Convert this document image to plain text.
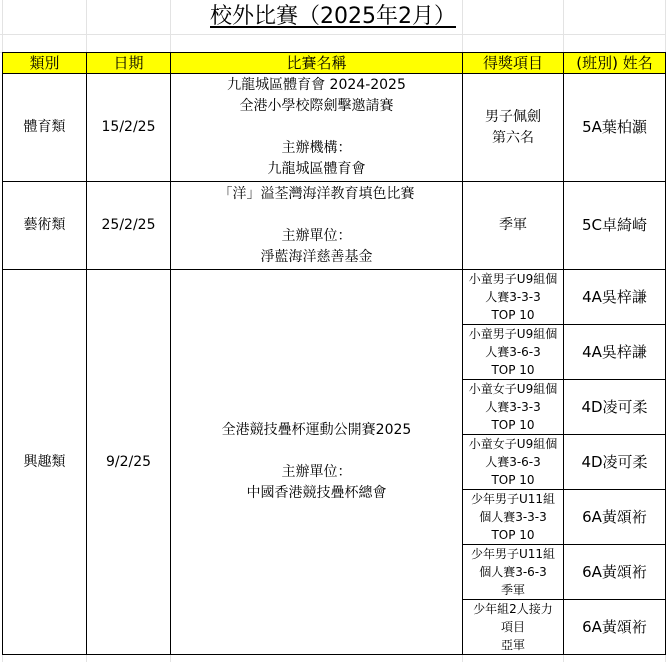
校外比賽（2025年2月）
類別	日期	比賽名稱	得獎項目	(班別) 姓名
體育類	15/2/25	九龍城區體育會 2024-2025
全港小學校際劍擊邀請賽

主辦機構：
九龍城區體育會	男子佩劍
第六名	5A葉柏灝
藝術類	25/2/25	「洋」溢荃灣海洋教育填色比賽

主辦單位：
淨藍海洋慈善基金	季軍	5C卓綺崎
興趣類	9/2/25	全港競技疊杯運動公開賽2025

主辦單位：
中國香港競技疊杯總會	小童男子U9組個
人賽3-3-3
TOP 10	4A吳梓謙
			小童男子U9組個
人賽3-6-3
TOP 10	4A吳梓謙
			小童女子U9組個
人賽3-3-3
TOP 10	4D凌可柔
			小童女子U9組個
人賽3-6-3
TOP 10	4D凌可柔
			少年男子U11組
個人賽3-3-3
TOP 10	6A黃頌裄
			少年男子U11組
個人賽3-6-3
季軍	6A黃頌裄
			少年組2人接力
項目
亞軍	6A黃頌裄
